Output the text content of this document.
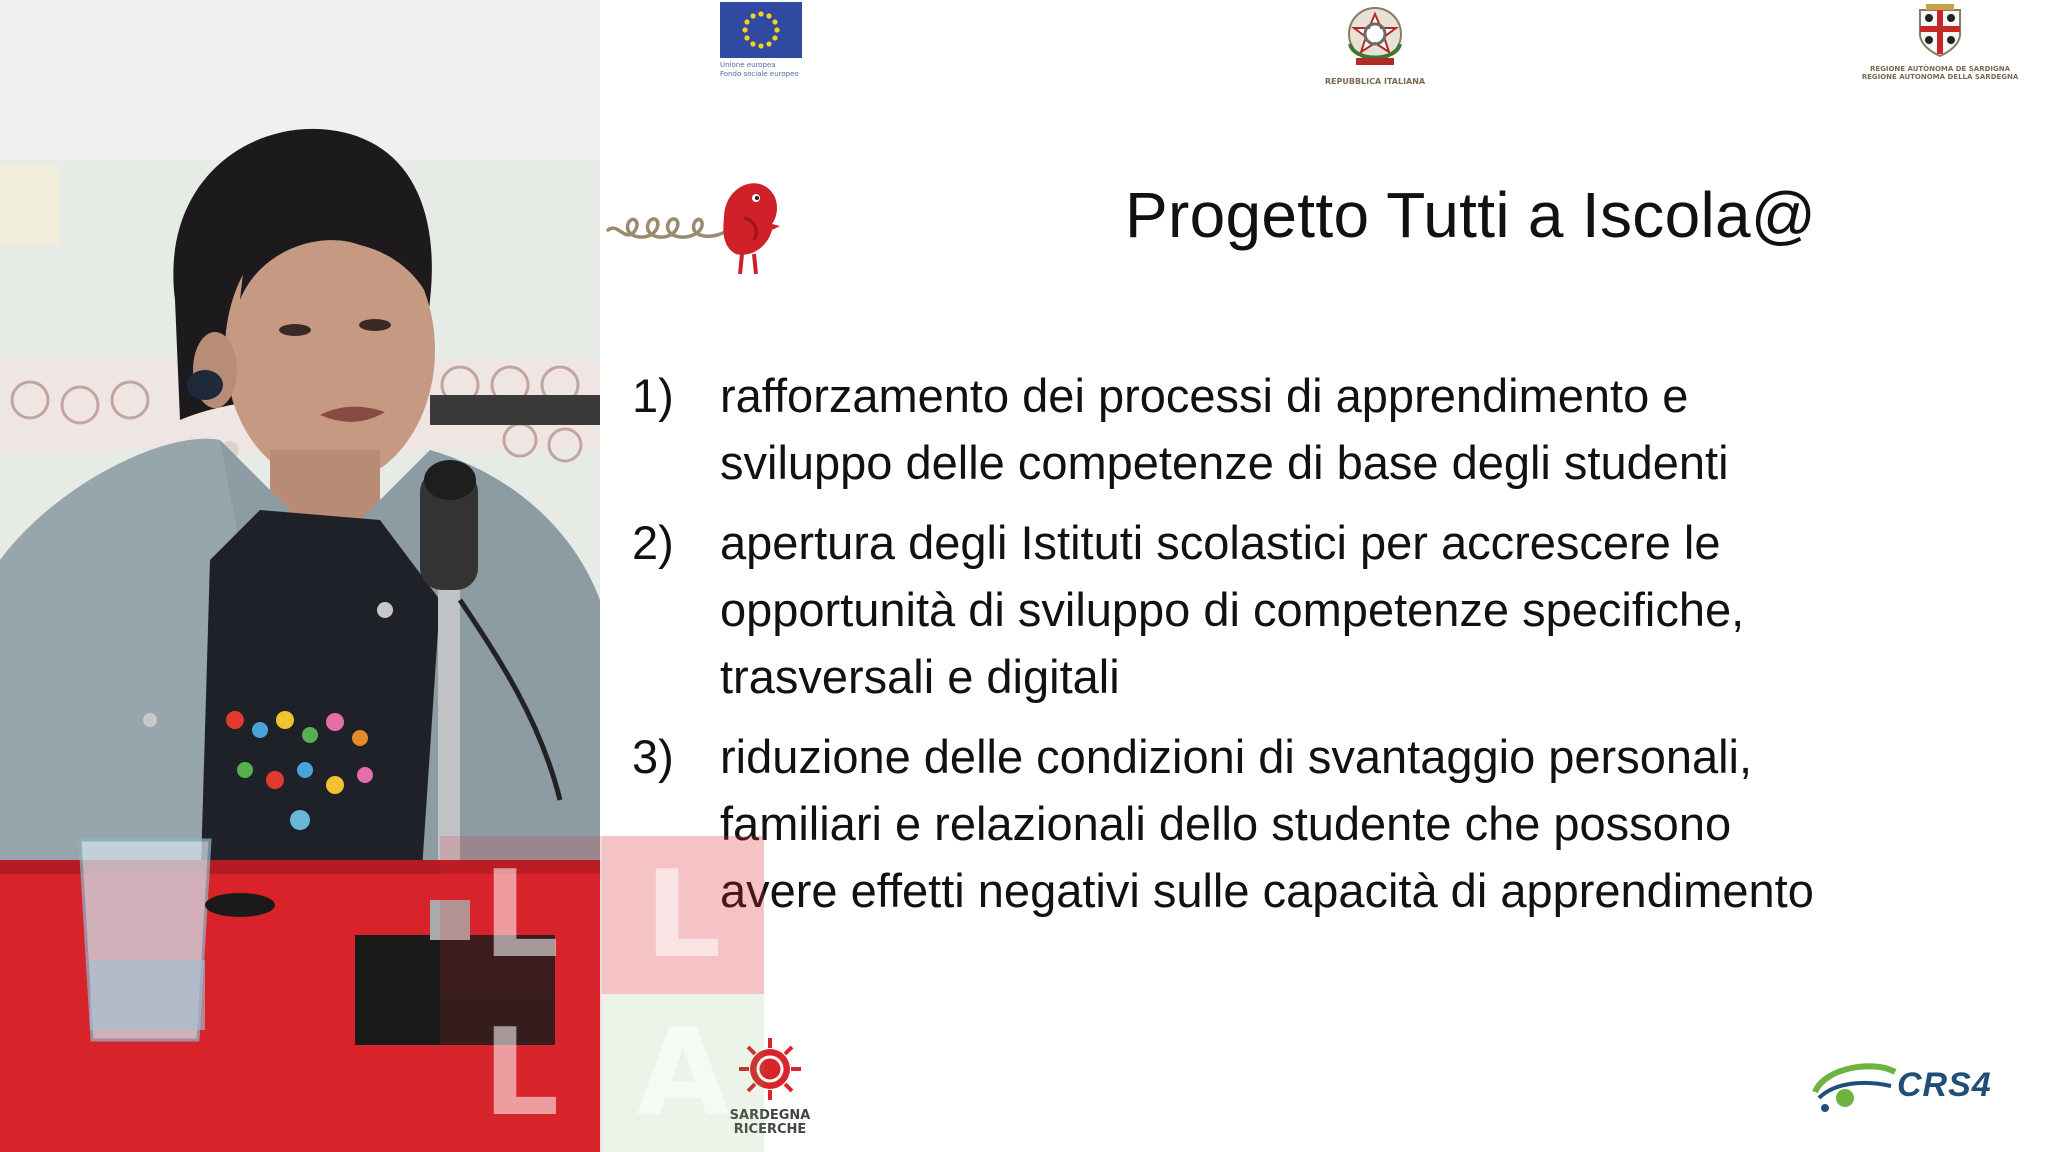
Unione europea
Fondo sociale europeo
REPUBBLICA ITALIANA
REGIONE AUTÒNOMA DE SARDIGNA
REGIONE AUTONOMA DELLA SARDEGNA
Progetto Tutti a Iscola@
1) rafforzamento dei processi di apprendimento e
sviluppo delle competenze di base degli studenti
2) apertura degli Istituti scolastici per accrescere le
opportunità di sviluppo di competenze specifiche,
trasversali e digitali
3) riduzione delle condizioni di svantaggio personali,
familiari e relazionali dello studente che possono
avere effetti negativi sulle capacità di apprendimento
SARDEGNA
RICERCHE
CRS4
L L
L A
